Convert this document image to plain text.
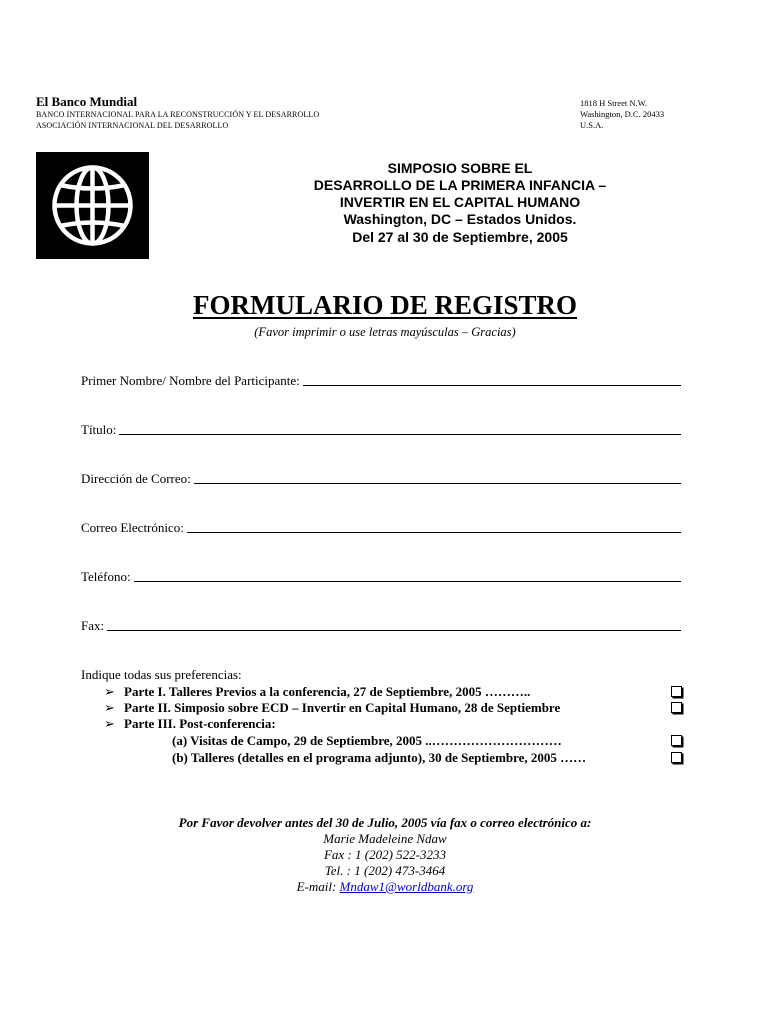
El Banco Mundial
BANCO INTERNACIONAL PARA LA RECONSTRUCCIÓN Y EL DESARROLLO
ASOCIACIÓN INTERNACIONAL DEL DESARROLLO
1818 H Street N.W.
Washington, D.C. 20433
U.S.A.
SIMPOSIO SOBRE EL
DESARROLLO DE LA PRIMERA INFANCIA –
INVERTIR EN EL CAPITAL HUMANO
Washington, DC – Estados Unidos.
Del 27 al 30 de Septiembre, 2005
FORMULARIO DE REGISTRO
(Favor imprimir o use letras mayúsculas – Gracias)
Primer Nombre/ Nombre del Participante:
Título:
Dirección de Correo:
Correo Electrónico:
Teléfono:
Fax:
Indique todas sus preferencias:
➢ Parte I. Talleres Previos a la conferencia, 27 de Septiembre, 2005 ………..
➢ Parte II. Simposio sobre ECD – Invertir en Capital Humano, 28 de Septiembre
➢ Parte III. Post-conferencia:
(a) Visitas de Campo, 29 de Septiembre, 2005 ..…………………………
(b) Talleres (detalles en el programa adjunto), 30 de Septiembre, 2005 ……
Por Favor devolver antes del 30 de Julio, 2005 vía fax o correo electrónico a:
Marie Madeleine Ndaw
Fax : 1 (202) 522-3233
Tel. : 1 (202) 473-3464
E-mail: Mndaw1@worldbank.org
